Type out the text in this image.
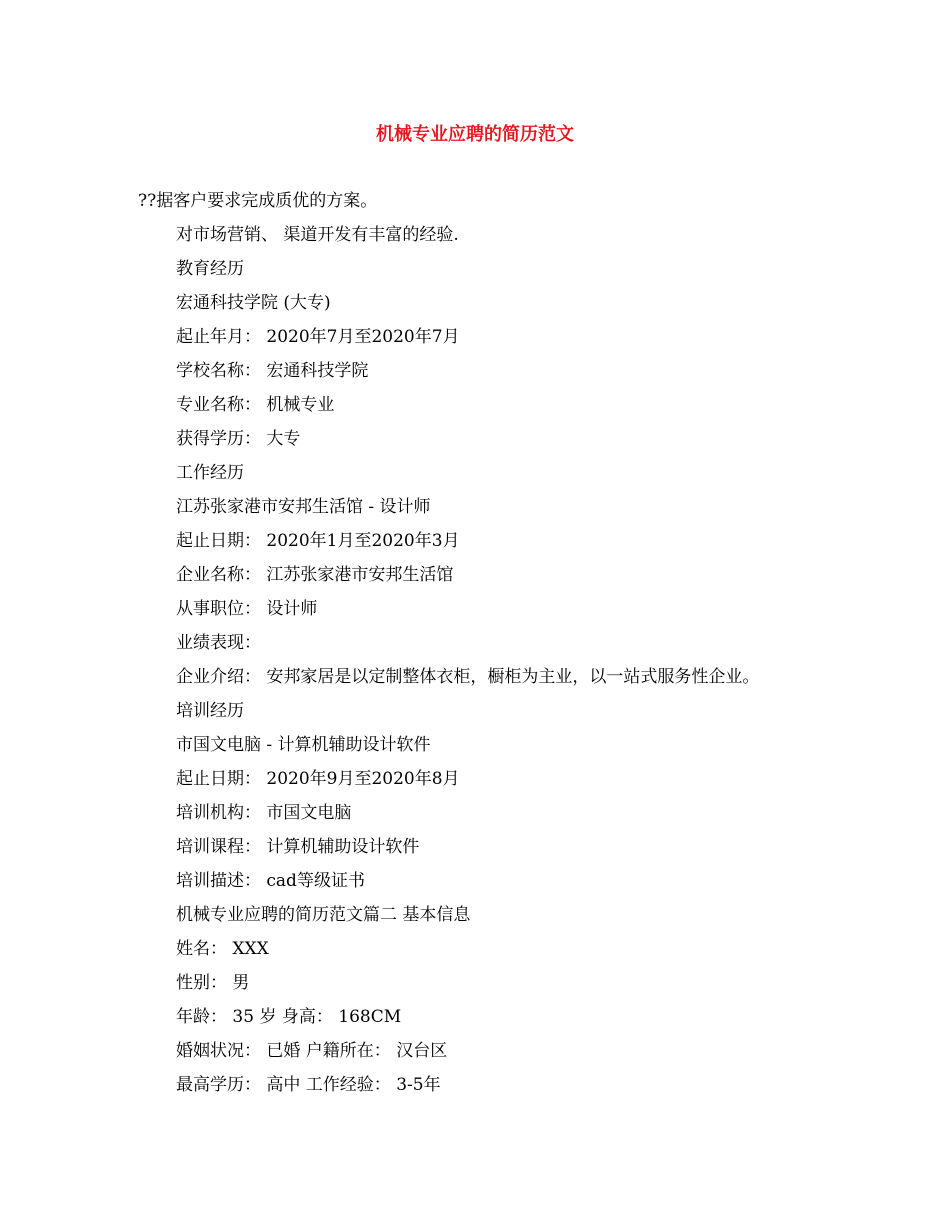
机械专业应聘的简历范文
??据客户要求完成质优的方案。
对市场营销、 渠道开发有丰富的经验.
教育经历
宏通科技学院 (大专)
起止年月： 2020年7月至2020年7月
学校名称： 宏通科技学院
专业名称： 机械专业
获得学历： 大专
工作经历
江苏张家港市安邦生活馆 - 设计师
起止日期： 2020年1月至2020年3月
企业名称： 江苏张家港市安邦生活馆
从事职位： 设计师
业绩表现：
企业介绍： 安邦家居是以定制整体衣柜，橱柜为主业，以一站式服务性企业。
培训经历
市国文电脑 - 计算机辅助设计软件
起止日期： 2020年9月至2020年8月
培训机构： 市国文电脑
培训课程： 计算机辅助设计软件
培训描述： cad等级证书
机械专业应聘的简历范文篇二 基本信息
姓名： XXX
性别： 男
年龄： 35 岁 身高： 168CM
婚姻状况： 已婚 户籍所在： 汉台区
最高学历： 高中 工作经验： 3-5年
